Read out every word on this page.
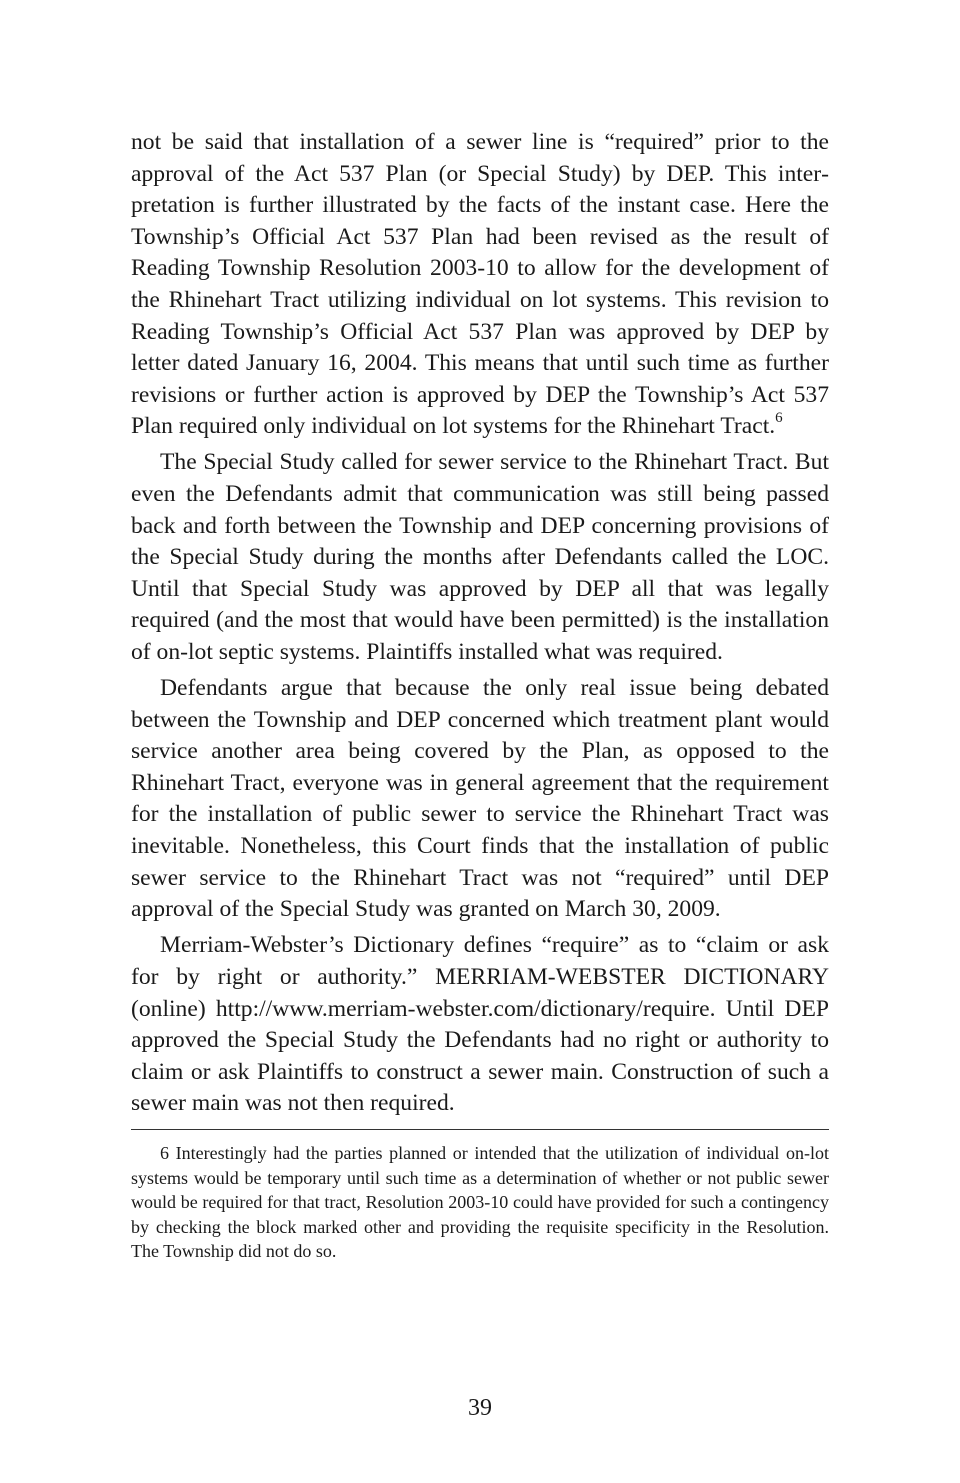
not be said that installation of a sewer line is “required” prior to the approval of the Act 537 Plan (or Special Study) by DEP. This interpretation is further illustrated by the facts of the instant case. Here the Township’s Official Act 537 Plan had been revised as the result of Reading Township Resolution 2003-10 to allow for the development of the Rhinehart Tract utilizing individual on lot systems. This revision to Reading Township’s Official Act 537 Plan was approved by DEP by letter dated January 16, 2004. This means that until such time as further revisions or further action is approved by DEP the Township’s Act 537 Plan required only individual on lot systems for the Rhinehart Tract.$^6$

The Special Study called for sewer service to the Rhinehart Tract. But even the Defendants admit that communication was still being passed back and forth between the Township and DEP concerning provisions of the Special Study during the months after Defendants called the LOC. Until that Special Study was approved by DEP all that was legally required (and the most that would have been permitted) is the installation of on-lot septic systems. Plaintiffs installed what was required.

Defendants argue that because the only real issue being debated between the Township and DEP concerned which treatment plant would service another area being covered by the Plan, as opposed to the Rhinehart Tract, everyone was in general agreement that the requirement for the installation of public sewer to service the Rhinehart Tract was inevitable. Nonetheless, this Court finds that the installation of public sewer service to the Rhinehart Tract was not “required” until DEP approval of the Special Study was granted on March 30, 2009.

Merriam-Webster’s Dictionary defines “require” as to “claim or ask for by right or authority.” MERRIAM-WEBSTER DICTIONARY (online) http://www.merriam-webster.com/dictionary/require. Until DEP approved the Special Study the Defendants had no right or authority to claim or ask Plaintiffs to construct a sewer main. Construction of such a sewer main was not then required.

6 Interestingly had the parties planned or intended that the utilization of individual on-lot systems would be temporary until such time as a determination of whether or not public sewer would be required for that tract, Resolution 2003-10 could have provided for such a contingency by checking the block marked other and providing the requisite specificity in the Resolution. The Township did not do so.
39
